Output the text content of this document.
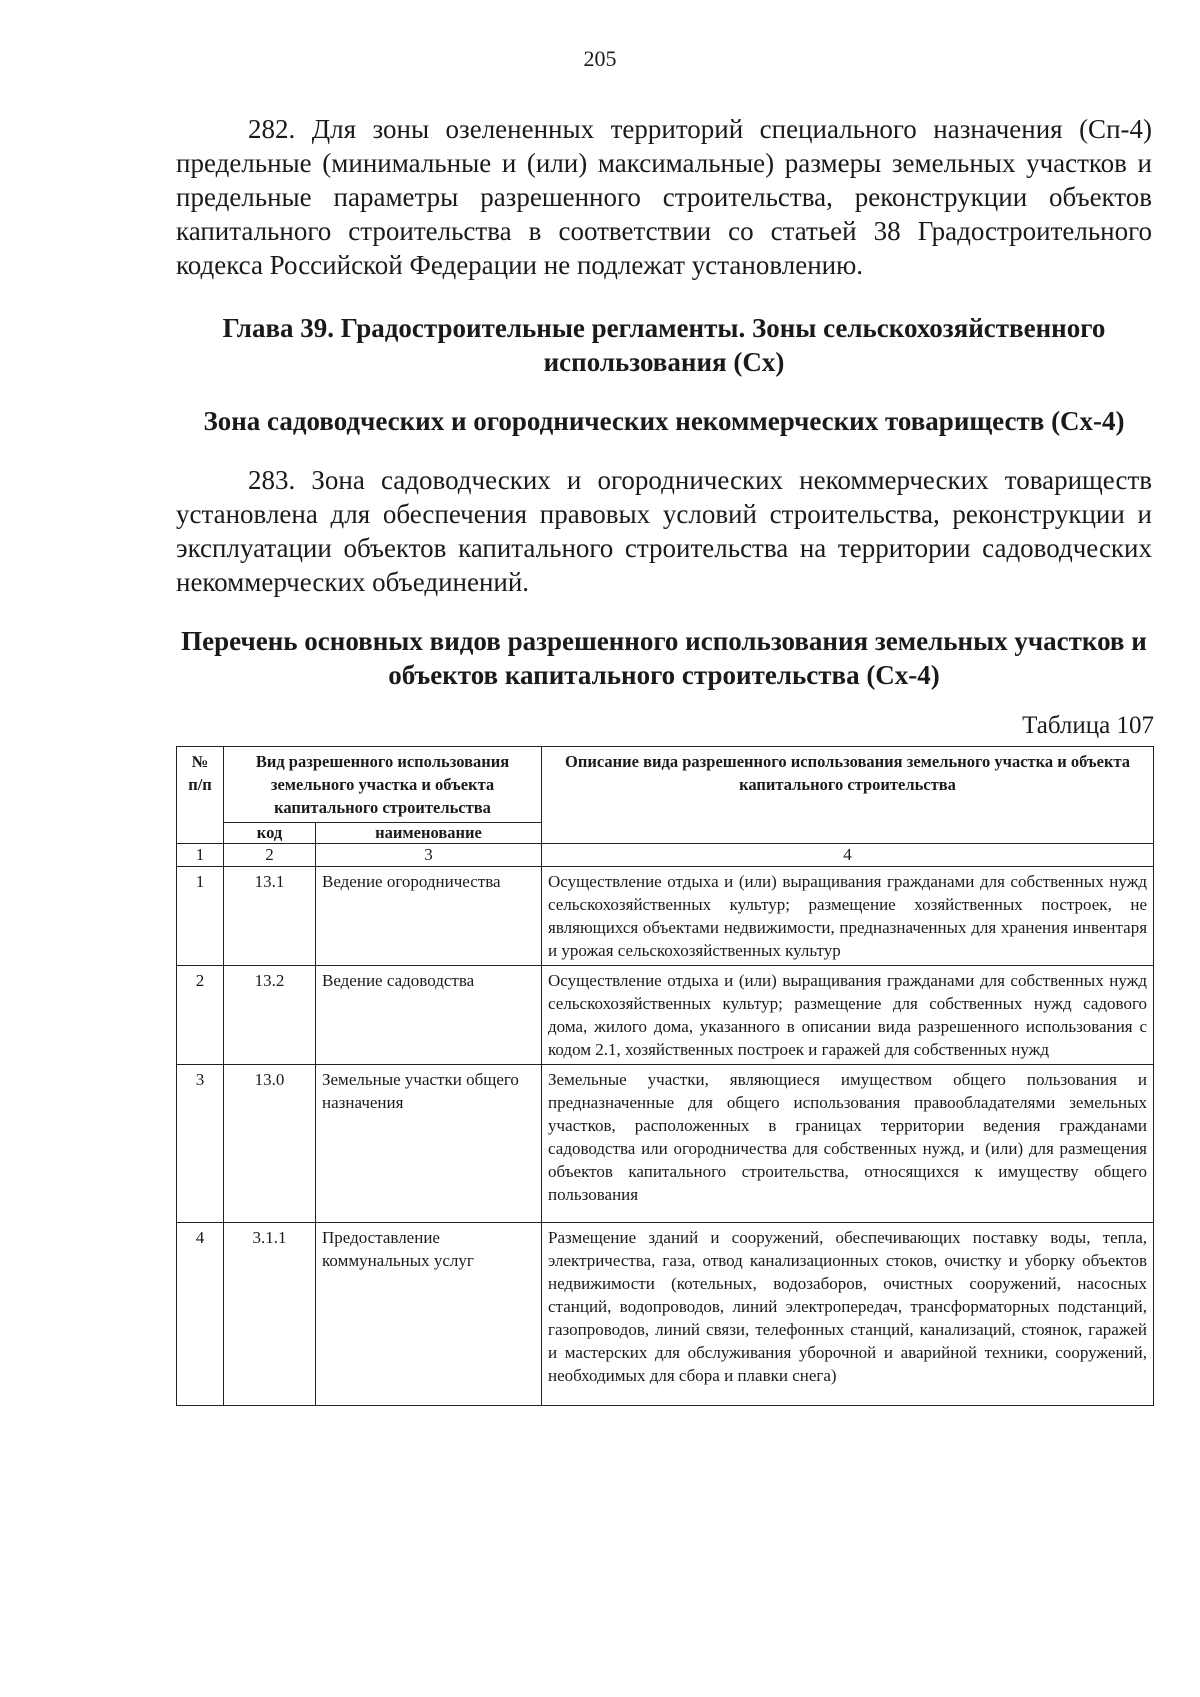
205

282. Для зоны озелененных территорий специального назначения (Сп-4) предельные (минимальные и (или) максимальные) размеры земельных участков и предельные параметры разрешенного строительства, реконструкции объектов капитального строительства в соответствии со статьей 38 Градостроительного кодекса Российской Федерации не подлежат установлению.

Глава 39. Градостроительные регламенты. Зоны сельскохозяйственного использования (Сх)
Зона садоводческих и огороднических некоммерческих товариществ (Сх-4)

283. Зона садоводческих и огороднических некоммерческих товариществ установлена для обеспечения правовых условий строительства, реконструкции и эксплуатации объектов капитального строительства на территории садоводческих некоммерческих объединений.

Перечень основных видов разрешенного использования земельных участков и объектов капитального строительства (Сх-4)
Таблица 107
№ п/п	Вид разрешенного использования земельного участка и объекта капитального строительства		Описание вида разрешенного использования земельного участка и объекта капитального строительства
	код	наименование	
1	2	3	4
1	13.1	Ведение огородничества	Осуществление отдыха и (или) выращивания гражданами для собственных нужд сельскохозяйственных культур; размещение хозяйственных построек, не являющихся объектами недвижимости, предназначенных для хранения инвентаря и урожая сельскохозяйственных культур
2	13.2	Ведение садоводства	Осуществление отдыха и (или) выращивания гражданами для собственных нужд сельскохозяйственных культур; размещение для собственных нужд садового дома, жилого дома, указанного в описании вида разрешенного использования с кодом 2.1, хозяйственных построек и гаражей для собственных нужд
3	13.0	Земельные участки общего назначения	Земельные участки, являющиеся имуществом общего пользования и предназначенные для общего использования правообладателями земельных участков, расположенных в границах территории ведения гражданами садоводства или огородничества для собственных нужд, и (или) для размещения объектов капитального строительства, относящихся к имуществу общего пользования
4	3.1.1	Предоставление коммунальных услуг	Размещение зданий и сооружений, обеспечивающих поставку воды, тепла, электричества, газа, отвод канализационных стоков, очистку и уборку объектов недвижимости (котельных, водозаборов, очистных сооружений, насосных станций, водопроводов, линий электропередач, трансформаторных подстанций, газопроводов, линий связи, телефонных станций, канализаций, стоянок, гаражей и мастерских для обслуживания уборочной и аварийной техники, сооружений, необходимых для сбора и плавки снега)
